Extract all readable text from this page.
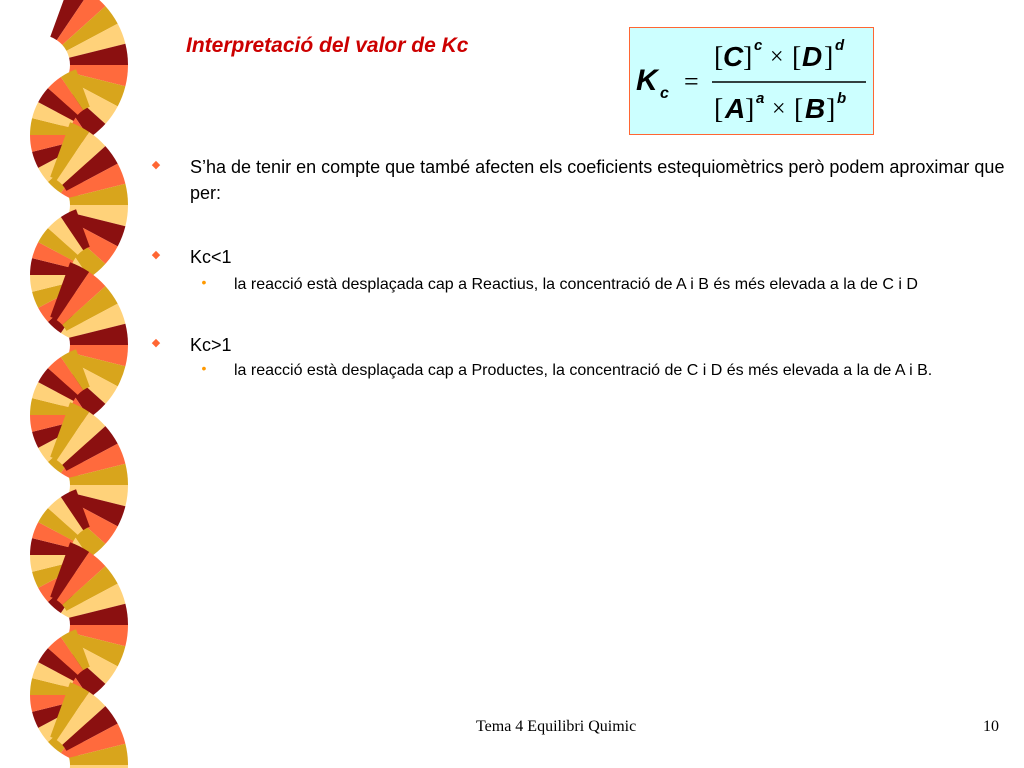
Interpretació del valor de Kc
K c =
[ C ] c × [ D ] d
[ A ] a × [ B ] b
◆ S’ha de tenir en compte que també afecten els coeficients estequiomètrics però podem aproximar que per:
◆ Kc<1
• la reacció està desplaçada cap a Reactius, la concentració de A i B és més elevada a la de C i D
◆ Kc>1
• la reacció està desplaçada cap a Productes, la concentració de C i D és més elevada a la de A i B.
Tema 4 Equilibri Quimic	10
